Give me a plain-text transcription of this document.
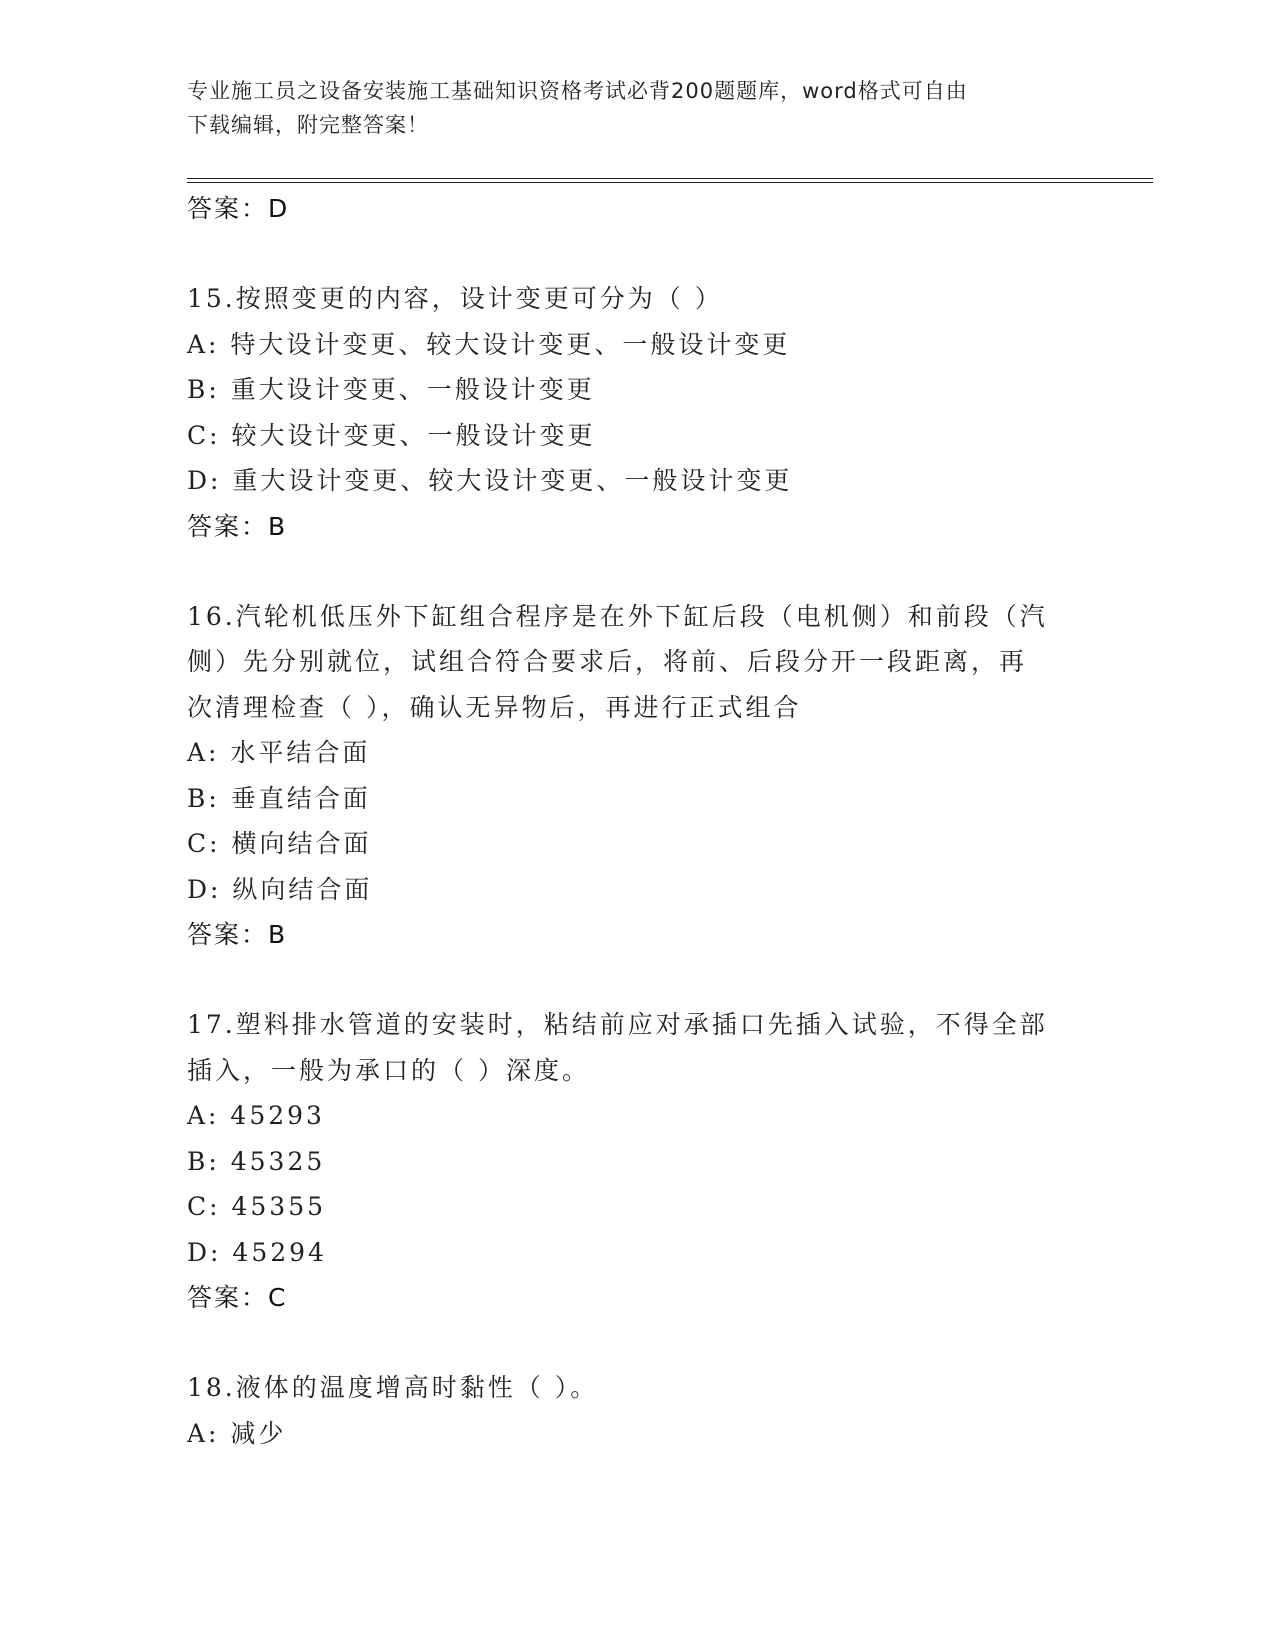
专业施工员之设备安装施工基础知识资格考试必背200题题库，word格式可自由
下载编辑，附完整答案！
答案：D
15.按照变更的内容，设计变更可分为（ ）
A: 特大设计变更、较大设计变更、一般设计变更
B: 重大设计变更、一般设计变更
C: 较大设计变更、一般设计变更
D: 重大设计变更、较大设计变更、一般设计变更
答案：B
16.汽轮机低压外下缸组合程序是在外下缸后段（电机侧）和前段（汽
侧）先分别就位，试组合符合要求后，将前、后段分开一段距离，再
次清理检查（ ），确认无异物后，再进行正式组合
A: 水平结合面
B: 垂直结合面
C: 横向结合面
D: 纵向结合面
答案：B
17.塑料排水管道的安装时，粘结前应对承插口先插入试验，不得全部
插入，一般为承口的（ ）深度。
A: 45293
B: 45325
C: 45355
D: 45294
答案：C
18.液体的温度增高时黏性（ ）。
A: 减少
